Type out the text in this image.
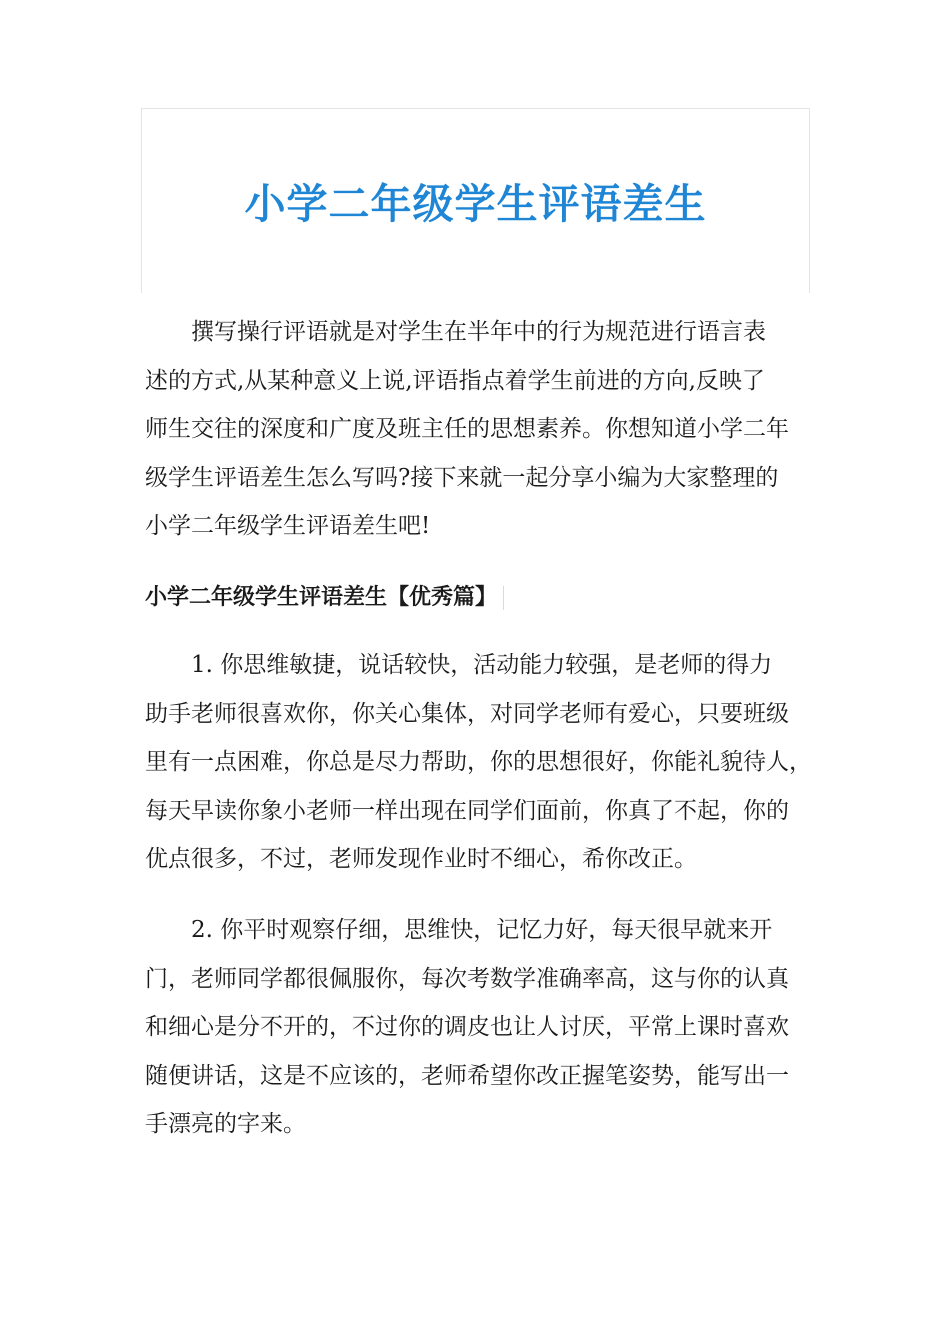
小学二年级学生评语差生
撰写操行评语就是对学生在半年中的行为规范进行语言表
述的方式,从某种意义上说,评语指点着学生前进的方向,反映了
师生交往的深度和广度及班主任的思想素养。你想知道小学二年
级学生评语差生怎么写吗?接下来就一起分享小编为大家整理的
小学二年级学生评语差生吧!
小学二年级学生评语差生【优秀篇】
1. 你思维敏捷，说话较快，活动能力较强，是老师的得力
助手老师很喜欢你，你关心集体，对同学老师有爱心，只要班级
里有一点困难，你总是尽力帮助，你的思想很好，你能礼貌待人，
每天早读你象小老师一样出现在同学们面前，你真了不起，你的
优点很多，不过，老师发现作业时不细心，希你改正。
2. 你平时观察仔细，思维快，记忆力好，每天很早就来开
门，老师同学都很佩服你，每次考数学准确率高，这与你的认真
和细心是分不开的，不过你的调皮也让人讨厌，平常上课时喜欢
随便讲话，这是不应该的，老师希望你改正握笔姿势，能写出一
手漂亮的字来。
